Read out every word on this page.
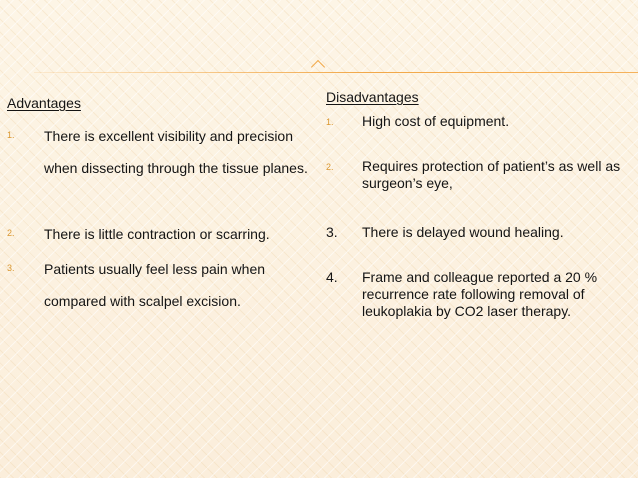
Advantages
1. There is excellent visibility and precision when dissecting through the tissue planes.
2. There is little contraction or scarring.
3. Patients usually feel less pain when compared with scalpel excision.
Disadvantages
1. High cost of equipment.
2. Requires protection of patient’s as well as surgeon’s eye,
3. There is delayed wound healing.
4. Frame and colleague reported a 20 % recurrence rate following removal of leukoplakia by CO2 laser therapy.
